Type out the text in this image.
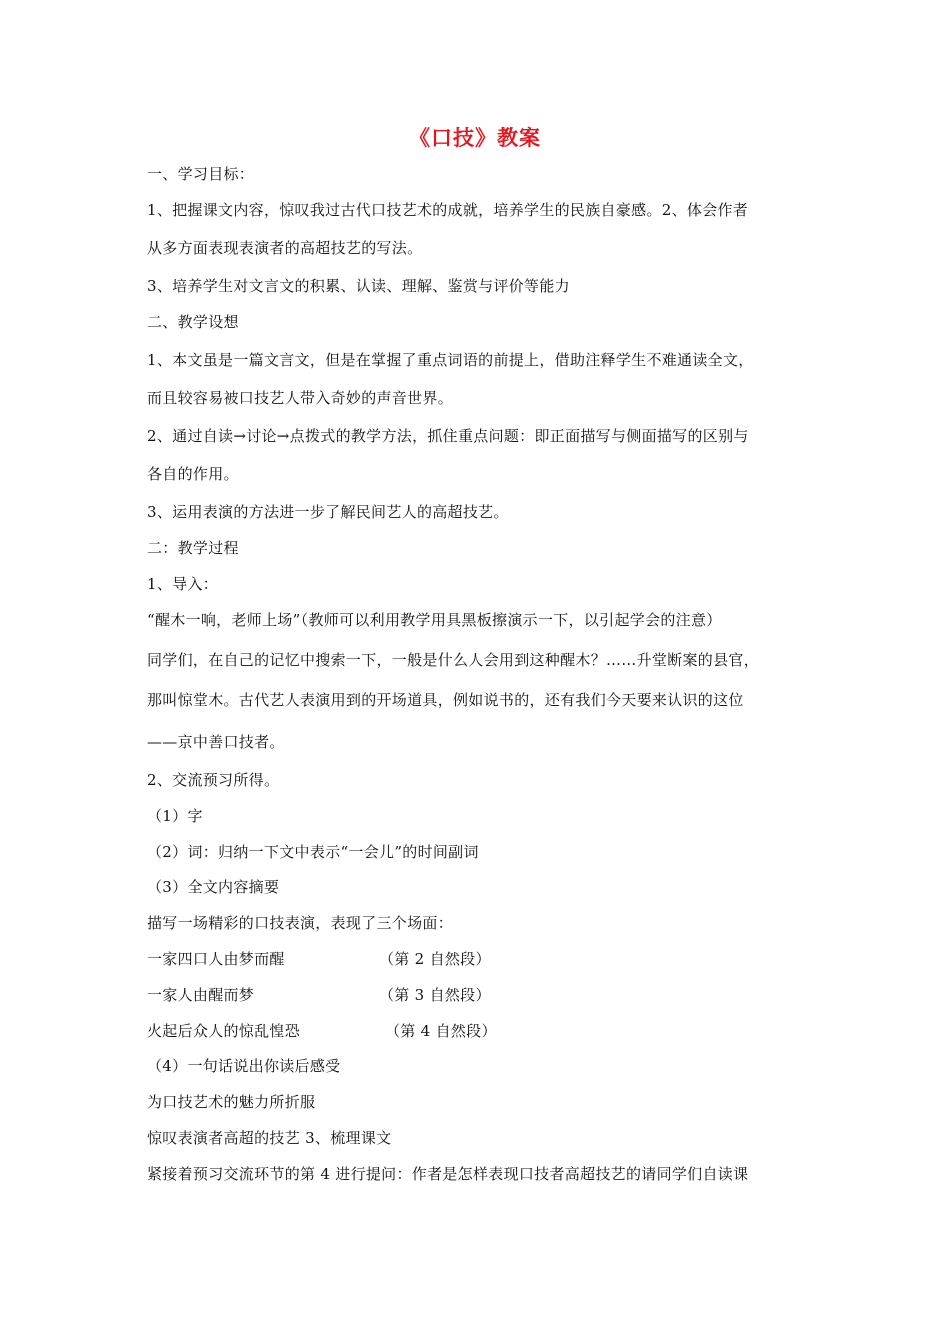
《口技》教案
一、学习目标：
1、把握课文内容，惊叹我过古代口技艺术的成就，培养学生的民族自豪感。2、体会作者
从多方面表现表演者的高超技艺的写法。
3、培养学生对文言文的积累、认读、理解、鉴赏与评价等能力
二、教学设想
1、本文虽是一篇文言文，但是在掌握了重点词语的前提上，借助注释学生不难通读全文，
而且较容易被口技艺人带入奇妙的声音世界。
2、通过自读→讨论→点拨式的教学方法，抓住重点问题：即正面描写与侧面描写的区别与
各自的作用。
3、运用表演的方法进一步了解民间艺人的高超技艺。
二：教学过程
1、导入：
“醒木一响，老师上场”（教师可以利用教学用具黑板擦演示一下，以引起学会的注意）
同学们，在自己的记忆中搜索一下，一般是什么人会用到这种醒木？……升堂断案的县官，
那叫惊堂木。古代艺人表演用到的开场道具，例如说书的，还有我们今天要来认识的这位
——京中善口技者。
2、交流预习所得。
（1）字
（2）词：归纳一下文中表示“一会儿”的时间副词
（3）全文内容摘要
描写一场精彩的口技表演，表现了三个场面：
一家四口人由梦而醒	（第 2 自然段）
一家人由醒而梦	（第 3 自然段）
火起后众人的惊乱惶恐	（第 4 自然段）
（4）一句话说出你读后感受
为口技艺术的魅力所折服
惊叹表演者高超的技艺 3、梳理课文
紧接着预习交流环节的第 4 进行提问：作者是怎样表现口技者高超技艺的请同学们自读课
